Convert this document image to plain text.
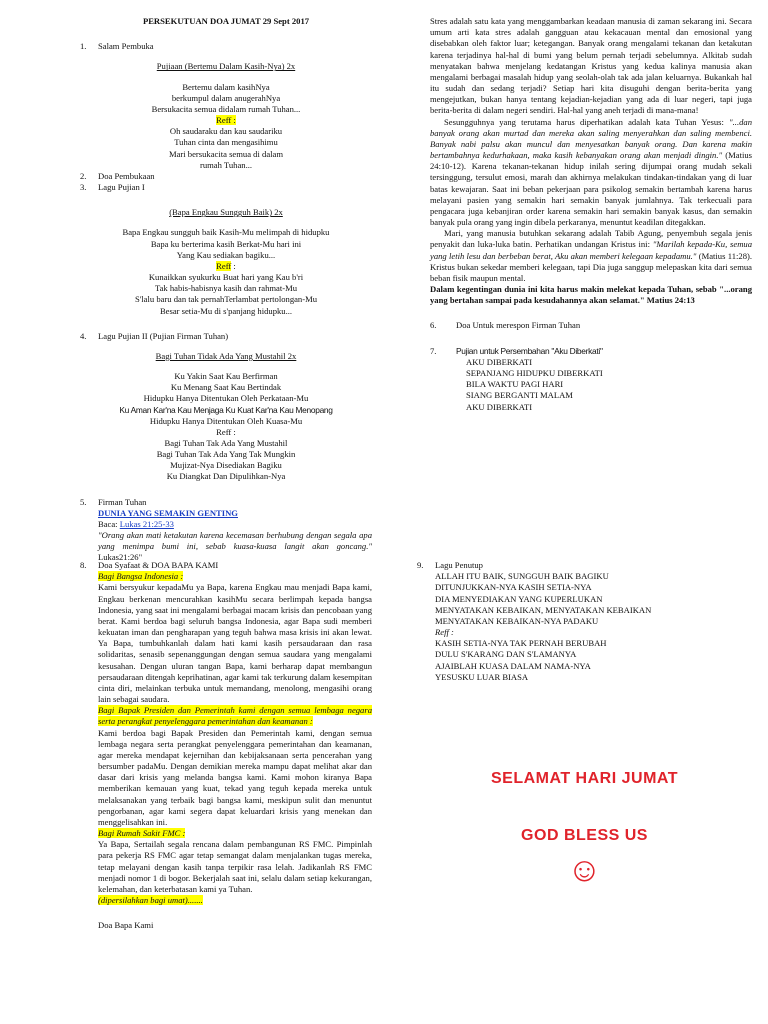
PERSEKUTUAN DOA JUMAT 29 Sept 2017
1.	Salam Pembuka
Pujiaan (Bertemu Dalam Kasih-Nya) 2x
Bertemu dalam kasihNya
berkumpul dalam anugerahNya
Bersukacita semua didalam rumah Tuhan...
Reff :
Oh saudaraku dan kau saudariku
Tuhan cinta dan mengasihimu
Mari bersukacita semua di dalam
rumah Tuhan...
2.	Doa Pembukaan
3.	Lagu Pujian I
(Bapa Engkau Sungguh Baik) 2x
Bapa Engkau sungguh baik Kasih-Mu melimpah di hidupku
Bapa ku berterima kasih Berkat-Mu hari ini
Yang Kau sediakan bagiku...
Reff :
Kunaikkan syukurku Buat hari yang Kau b'ri
Tak habis-habisnya kasih dan rahmat-Mu
S'lalu baru dan tak pernahTerlambat pertolongan-Mu
Besar setia-Mu di s'panjang hidupku...
4.	Lagu Pujian II (Pujian Firman Tuhan)
Bagi Tuhan Tidak Ada Yang Mustahil 2x
Ku Yakin Saat Kau Berfirman
Ku Menang Saat Kau Bertindak
Hidupku Hanya Ditentukan Oleh Perkataan-Mu
Ku Aman Kar'na Kau Menjaga Ku Kuat Kar'na Kau Menopang
Hidupku Hanya Ditentukan Oleh Kuasa-Mu
Reff :
Bagi Tuhan Tak Ada Yang Mustahil
Bagi Tuhan Tak Ada Yang Tak Mungkin
Mujizat-Nya Disediakan Bagiku
Ku Diangkat Dan Dipulihkan-Nya
5.	Firman Tuhan
DUNIA YANG SEMAKIN GENTING
Baca: Lukas 21:25-33

"Orang akan mati ketakutan karena kecemasan berhubung dengan segala apa yang menimpa bumi ini, sebab kuasa-kuasa langit akan goncang." Lukas21:26"

Stres adalah satu kata yang menggambarkan keadaan manusia di zaman sekarang ini. Secara umum arti kata stres adalah gangguan atau kekacauan mental dan emosional yang disebabkan oleh faktor luar; ketegangan. Banyak orang mengalami tekanan dan ketakutan karena terjadinya hal-hal di bumi yang belum pernah terjadi sebelumnya. Alkitab sudah menyatakan bahwa menjelang kedatangan Kristus yang kedua kalinya manusia akan mengalami berbagai masalah hidup yang seolah-olah tak ada jalan keluarnya. Bukankah hal itu sudah dan sedang terjadi? Setiap hari kita disuguhi dengan berita-berita yang mengejutkan, bukan hanya tentang kejadian-kejadian yang ada di luar negeri, tapi juga berita-berita di dalam negeri sendiri. Hal-hal yang aneh terjadi di mana-mana!

Sesungguhnya yang terutama harus diperhatikan adalah kata Tuhan Yesus: "...dan banyak orang akan murtad dan mereka akan saling menyerahkan dan saling membenci. Banyak nabi palsu akan muncul dan menyesatkan banyak orang. Dan karena makin bertambahnya kedurhakaan, maka kasih kebanyakan orang akan menjadi dingin." (Matius 24:10-12). Karena tekanan-tekanan hidup inilah sering dijumpai orang mudah sekali tersinggung, tersulut emosi, marah dan akhirnya melakukan tindakan-tindakan yang di luar batas kewajaran. Saat ini beban pekerjaan para psikolog semakin bertambah karena harus melayani pasien yang semakin hari semakin banyak jumlahnya. Tak terkecuali para pengacara juga kebanjiran order karena semakin hari semakin banyak kasus, dan semakin banyak pula orang yang ingin dibela perkaranya, menuntut keadilan ditegakkan.

Mari, yang manusia butuhkan sekarang adalah Tabib Agung, penyembuh segala jenis penyakit dan luka-luka batin. Perhatikan undangan Kristus ini: "Marilah kepada-Ku, semua yang letih lesu dan berbeban berat, Aku akan memberi kelegaan kepadamu." (Matius 11:28). Kristus bukan sekedar memberi kelegaan, tapi Dia juga sanggup melepaskan kita dari semua beban fisik maupun mental.

Dalam kegentingan dunia ini kita harus makin melekat kepada Tuhan, sebab "...orang yang bertahan sampai pada kesudahannya akan selamat." Matius 24:13

6.	Doa Untuk merespon Firman Tuhan
7.	Pujian untuk Persembahan "Aku Diberkati"
AKU DIBERKATI
SEPANJANG HIDUPKU DIBERKATI
BILA WAKTU PAGI HARI
SIANG BERGANTI MALAM
AKU DIBERKATI
8.	Doa Syafaat & DOA BAPA KAMI
Bagi Bangsa Indonesia :

Kami bersyukur kepadaMu ya Bapa, karena Engkau mau menjadi Bapa kami, Engkau berkenan mencurahkan kasihMu secara berlimpah kepada bangsa Indonesia, yang saat ini mengalami berbagai macam krisis dan pencobaan yang berat. Kami berdoa bagi seluruh bangsa Indonesia, agar Bapa sudi memberi kekuatan iman dan pengharapan yang teguh bahwa masa krisis ini akan lewat. Ya Bapa, tumbuhkanlah dalam hati kami kasih persaudaraan dan rasa solidaritas, senasib sepenanggungan dengan semua saudara yang mengalami kesusahan. Dengan uluran tangan Bapa, kami berharap dapat membangun persaudaraan ditengah keprihatinan, agar kami tak terkurung dalam kesempitan cinta diri, melainkan terbuka untuk memandang, menolong, mengasihi orang lain sebagai saudara.

Bagi Bapak Presiden dan Pemerintah kami dengan semua lembaga negara serta perangkat penyelenggara pemerintahan dan keamanan :

Kami berdoa bagi Bapak Presiden dan Pemerintah kami, dengan semua lembaga negara serta perangkat penyelenggara pemerintahan dan keamanan, agar mereka mendapat kejernihan dan kebijaksanaan serta pencerahan yang bersumber padaMu. Dengan demikian mereka mampu dapat melihat akar dan dasar dari krisis yang melanda bangsa kami. Kami mohon kiranya Bapa memberikan kemauan yang kuat, tekad yang teguh kepada mereka untuk melaksanakan yang terbaik bagi bangsa kami, meskipun sulit dan menuntut pengorbanan, agar kami segera dapat keluardari krisis yang menekan dan menggelisahkan ini.

Bagi Rumah Sakit FMC :

Ya Bapa, Sertailah segala rencana dalam pembangunan RS FMC. Pimpinlah para pekerja RS FMC agar tetap semangat dalam menjalankan tugas mereka, tetap melayani dengan kasih tanpa terpikir rasa lelah. Jadikanlah RS FMC menjadi nomor 1 di bogor. Bekerjalah saat ini, selalu dalam setiap kekurangan, kelemahan, dan keterbatasan kami ya Tuhan.

(dipersilahkan bagi umat).......
Doa Bapa Kami
9.	Lagu Penutup
ALLAH ITU BAIK, SUNGGUH BAIK BAGIKU
DITUNJUKKAN-NYA KASIH SETIA-NYA
DIA MENYEDIAKAN YANG KUPERLUKAN
MENYATAKAN KEBAIKAN, MENYATAKAN KEBAIKAN
MENYATAKAN KEBAIKAN-NYA PADAKU
Reff :
KASIH SETIA-NYA TAK PERNAH BERUBAH
DULU S'KARANG DAN S'LAMANYA
AJAIBLAH KUASA DALAM NAMA-NYA
YESUSKU LUAR BIASA
SELAMAT HARI JUMAT
GOD BLESS US
☺
